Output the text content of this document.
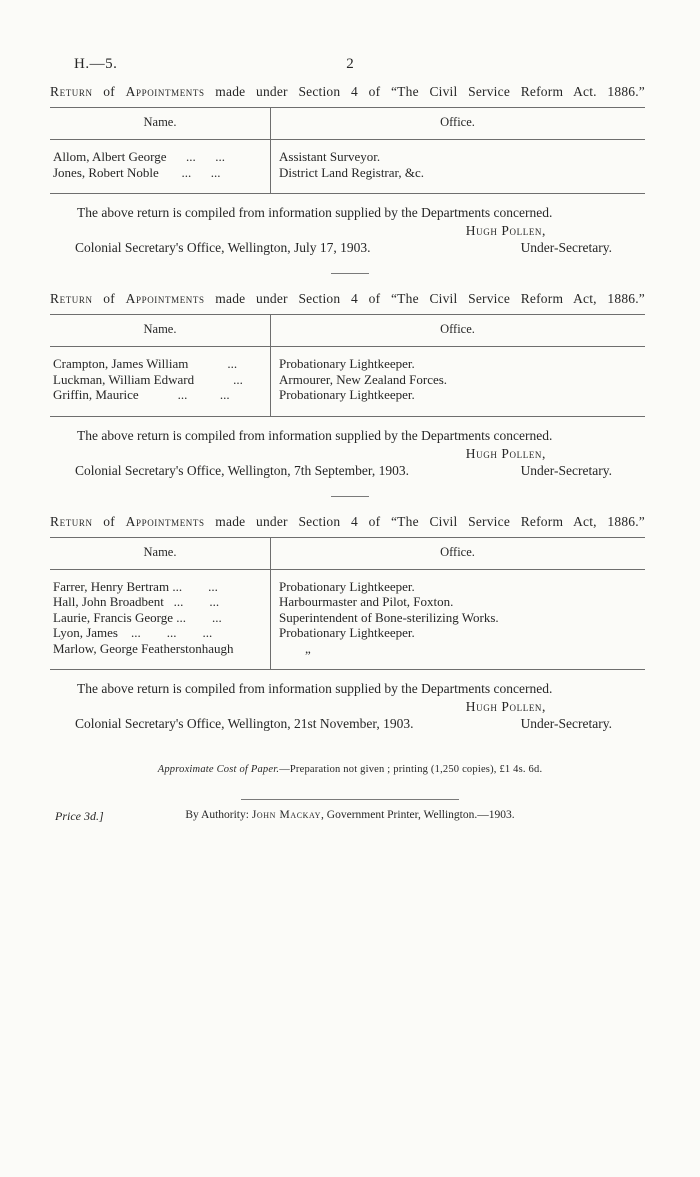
H.—5.	2

Return of Appointments made under Section 4 of “The Civil Service Reform Act. 1886.”

Name.	Office.
Allom, Albert George      ...      ...	Assistant Surveyor.
Jones, Robert Noble       ...      ...	District Land Registrar, &c.

The above return is compiled from information supplied by the Departments concerned.

Hugh Pollen,
Colonial Secretary's Office, Wellington, July 17, 1903.	Under-Secretary.

Return of Appointments made under Section 4 of “The Civil Service Reform Act, 1886.”

Name.	Office.
Crampton, James William            ...	Probationary Lightkeeper.
Luckman, William Edward            ...	Armourer, New Zealand Forces.
Griffin, Maurice            ...          ...	Probationary Lightkeeper.

The above return is compiled from information supplied by the Departments concerned.

Hugh Pollen,
Colonial Secretary's Office, Wellington, 7th September, 1903.	Under-Secretary.

Return of Appointments made under Section 4 of “The Civil Service Reform Act, 1886.”

Name.	Office.
Farrer, Henry Bertram ...        ...	Probationary Lightkeeper.
Hall, John Broadbent   ...        ...	Harbourmaster and Pilot, Foxton.
Laurie, Francis George ...        ...	Superintendent of Bone-sterilizing Works.
Lyon, James    ...        ...        ...	Probationary Lightkeeper.
Marlow, George Featherstonhaugh	„

The above return is compiled from information supplied by the Departments concerned.

Hugh Pollen,
Colonial Secretary's Office, Wellington, 21st November, 1903.	Under-Secretary.
Approximate Cost of Paper.—Preparation not given ; printing (1,250 copies), £1 4s. 6d.
Price 3d.]	By Authority: John Mackay, Government Printer, Wellington.—1903.
